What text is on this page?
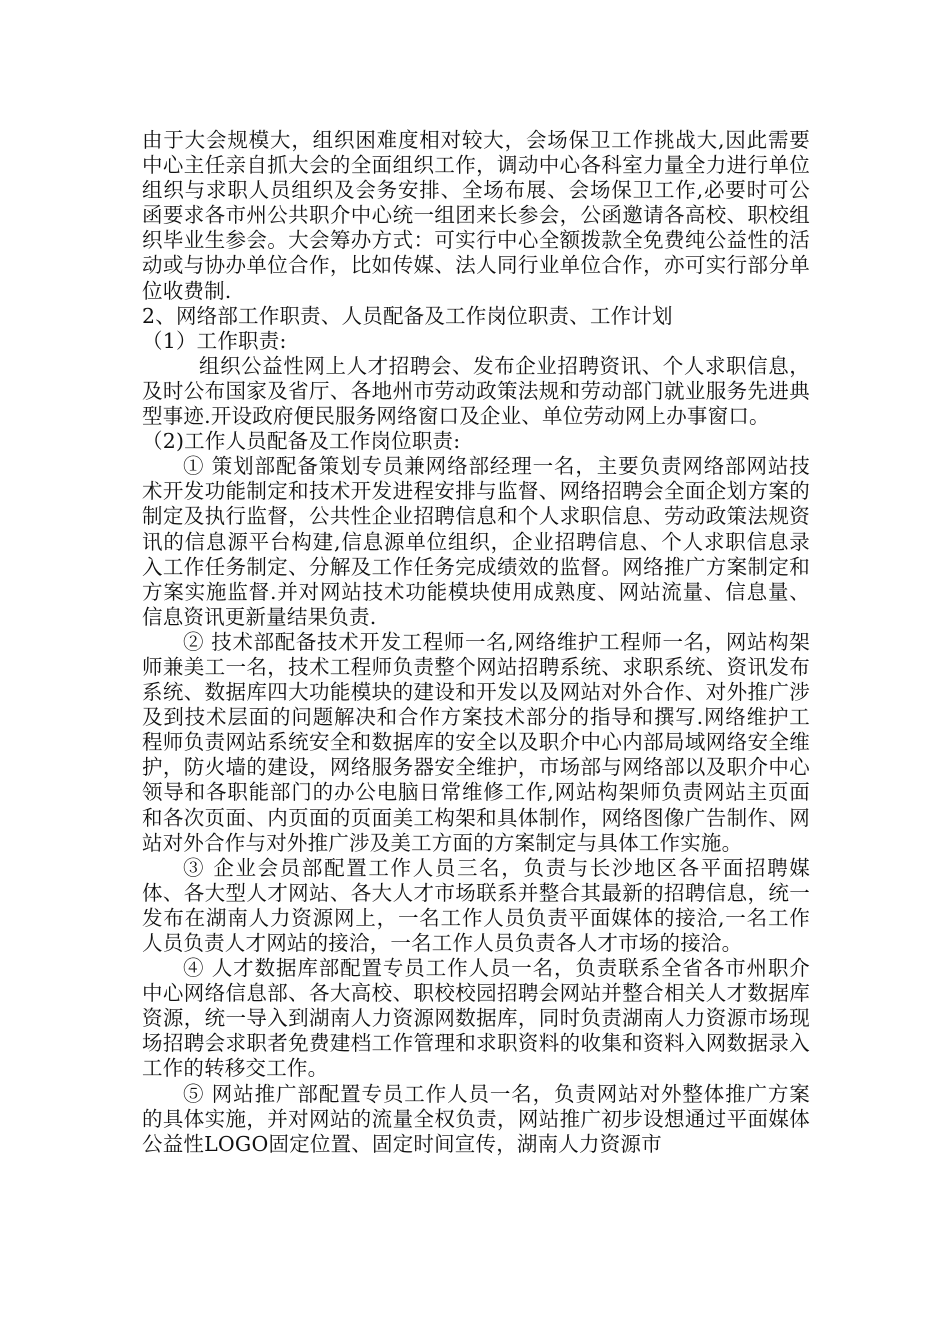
由于大会规模大，组织困难度相对较大，会场保卫工作挑战大,因此需要中心主任亲自抓大会的全面组织工作，调动中心各科室力量全力进行单位组织与求职人员组织及会务安排、全场布展、会场保卫工作,必要时可公函要求各市州公共职介中心统一组团来长参会，公函邀请各高校、职校组织毕业生参会。大会筹办方式：可实行中心全额拨款全免费纯公益性的活动或与协办单位合作，比如传媒、法人同行业单位合作，亦可实行部分单位收费制.

2、网络部工作职责、人员配备及工作岗位职责、工作计划

（1）工作职责:

组织公益性网上人才招聘会、发布企业招聘资讯、个人求职信息，及时公布国家及省厅、各地州市劳动政策法规和劳动部门就业服务先进典型事迹.开设政府便民服务网络窗口及企业、单位劳动网上办事窗口。

（2)工作人员配备及工作岗位职责:

① 策划部配备策划专员兼网络部经理一名，主要负责网络部网站技术开发功能制定和技术开发进程安排与监督、网络招聘会全面企划方案的制定及执行监督，公共性企业招聘信息和个人求职信息、劳动政策法规资讯的信息源平台构建,信息源单位组织，企业招聘信息、个人求职信息录入工作任务制定、分解及工作任务完成绩效的监督。网络推广方案制定和方案实施监督.并对网站技术功能模块使用成熟度、网站流量、信息量、信息资讯更新量结果负责.

② 技术部配备技术开发工程师一名,网络维护工程师一名，网站构架师兼美工一名，技术工程师负责整个网站招聘系统、求职系统、资讯发布系统、数据库四大功能模块的建设和开发以及网站对外合作、对外推广涉及到技术层面的问题解决和合作方案技术部分的指导和撰写.网络维护工程师负责网站系统安全和数据库的安全以及职介中心内部局域网络安全维护，防火墙的建设，网络服务器安全维护，市场部与网络部以及职介中心领导和各职能部门的办公电脑日常维修工作,网站构架师负责网站主页面和各次页面、内页面的页面美工构架和具体制作，网络图像广告制作、网站对外合作与对外推广涉及美工方面的方案制定与具体工作实施。

③ 企业会员部配置工作人员三名，负责与长沙地区各平面招聘媒体、各大型人才网站、各大人才市场联系并整合其最新的招聘信息，统一发布在湖南人力资源网上，一名工作人员负责平面媒体的接洽,一名工作人员负责人才网站的接洽，一名工作人员负责各人才市场的接洽。

④ 人才数据库部配置专员工作人员一名，负责联系全省各市州职介中心网络信息部、各大高校、职校校园招聘会网站并整合相关人才数据库资源，统一导入到湖南人力资源网数据库，同时负责湖南人力资源市场现场招聘会求职者免费建档工作管理和求职资料的收集和资料入网数据录入工作的转移交工作。

⑤ 网站推广部配置专员工作人员一名，负责网站对外整体推广方案的具体实施，并对网站的流量全权负责，网站推广初步设想通过平面媒体公益性LOGO固定位置、固定时间宣传，湖南人力资源市
